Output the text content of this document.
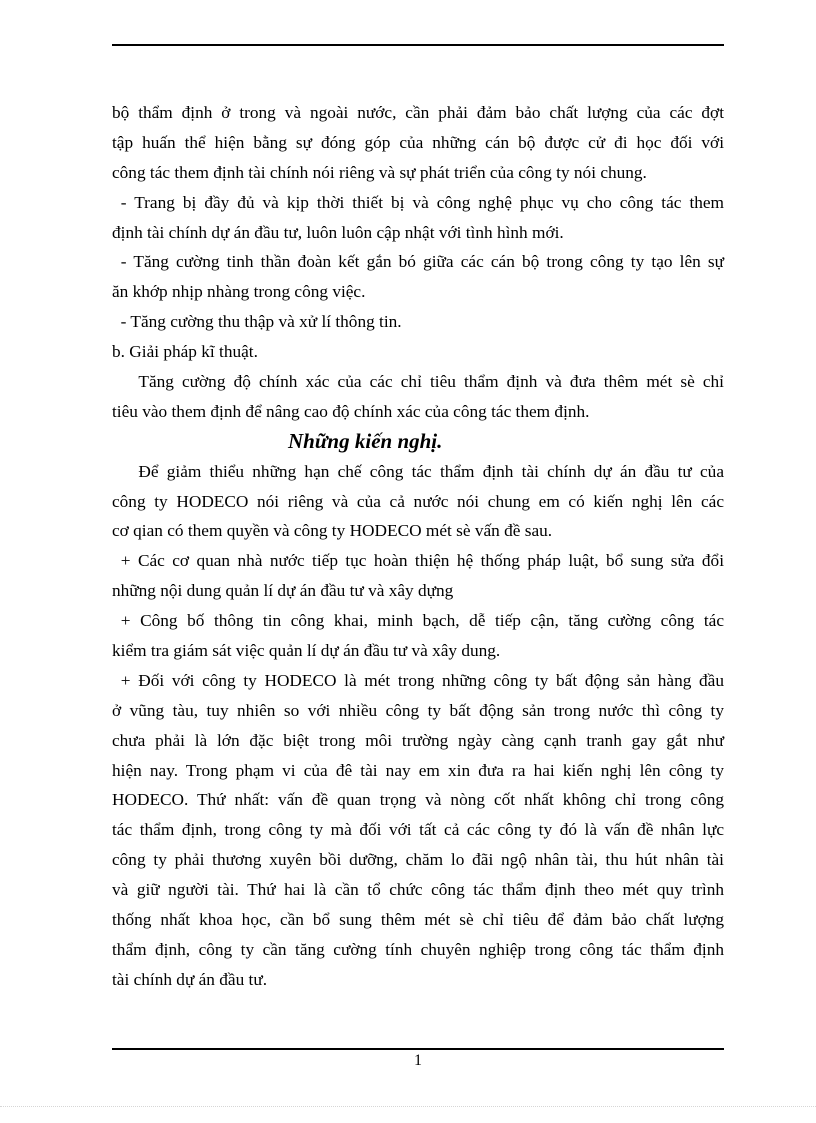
bộ thẩm định ở trong và ngoài nước, cần phải đảm bảo chất lượng của các đợt
tập huấn thể hiện bằng sự đóng góp của những cán bộ được cử đi học đối với
công tác them định tài chính nói riêng và sự phát triển của công ty nói chung.
- Trang bị đầy đủ và kịp thời thiết bị và công nghệ phục vụ cho công tác them
định tài chính dự án đầu tư, luôn luôn cập nhật với tình hình mới.
- Tăng cường tinh thần đoàn kết gắn bó giữa các cán bộ trong công ty tạo lên sự
ăn khớp nhịp nhàng trong công việc.
- Tăng cường thu thập và xử lí thông tin.
b. Giải pháp kĩ thuật.
Tăng cường độ chính xác của các chỉ tiêu thẩm định và đưa thêm mét sè chỉ
tiêu vào them định để nâng cao độ chính xác của công tác them định.
Những kiến nghị.
Để giảm thiểu những hạn chế công tác thẩm định tài chính dự án đầu tư của
công ty HODECO nói riêng và của cả nước nói chung em có kiến nghị lên các
cơ qian có them quyền và công ty HODECO mét sè vấn đề sau.
+ Các cơ quan nhà nước tiếp tục hoàn thiện hệ thống pháp luật, bổ sung sửa đổi
những nội dung quản lí dự án đầu tư và xây dựng
+ Công bố thông tin công khai, minh bạch, dễ tiếp cận, tăng cường công tác
kiểm tra giám sát việc quản lí dự án đầu tư và xây dung.
+ Đối với công ty HODECO là mét trong những công ty bất động sản hàng đầu
ở vũng tàu, tuy nhiên so với nhiều công ty bất động sản trong nước thì công ty
chưa phải là lớn đặc biệt trong môi trường ngày càng cạnh tranh gay gắt như
hiện nay. Trong phạm vi của đê tài nay em xin đưa ra hai kiến nghị lên công ty
HODECO. Thứ nhất: vấn đề quan trọng và nòng cốt nhất không chỉ trong công
tác thẩm định, trong công ty mà đối với tất cả các công ty đó là vấn đề nhân lực
công ty phải thương xuyên bồi dưỡng, chăm lo đãi ngộ nhân tài, thu hút nhân tài
và giữ người tài. Thứ hai là cần tổ chức công tác thẩm định theo mét quy trình
thống nhất khoa học, cần bổ sung thêm mét sè chỉ tiêu để đảm bảo chất lượng
thẩm định, công ty cần tăng cường tính chuyên nghiệp trong công tác thẩm định
tài chính dự án đầu tư.
1
